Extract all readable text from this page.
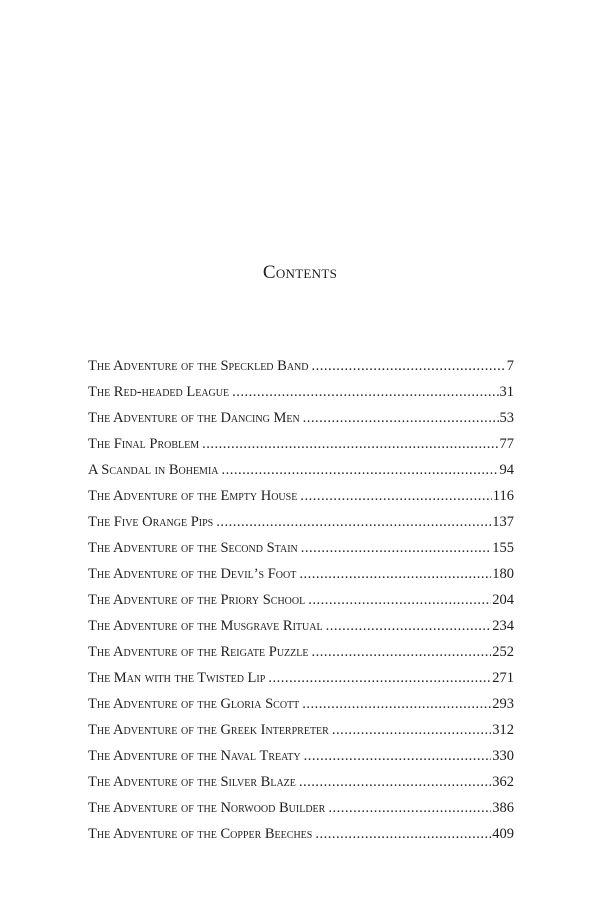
Contents
The Adventure of the Speckled Band .....	7
The Red-headed League .....	31
The Adventure of the Dancing Men .....	53
The Final Problem .....	77
A Scandal in Bohemia .....	94
The Adventure of the Empty House .....	116
The Five Orange Pips .....	137
The Adventure of the Second Stain .....	155
The Adventure of the Devil’s Foot .....	180
The Adventure of the Priory School .....	204
The Adventure of the Musgrave Ritual .....	234
The Adventure of the Reigate Puzzle .....	252
The Man with the Twisted Lip .....	271
The Adventure of the Gloria Scott .....	293
The Adventure of the Greek Interpreter .....	312
The Adventure of the Naval Treaty .....	330
The Adventure of the Silver Blaze .....	362
The Adventure of the Norwood Builder .....	386
The Adventure of the Copper Beeches .....	409
